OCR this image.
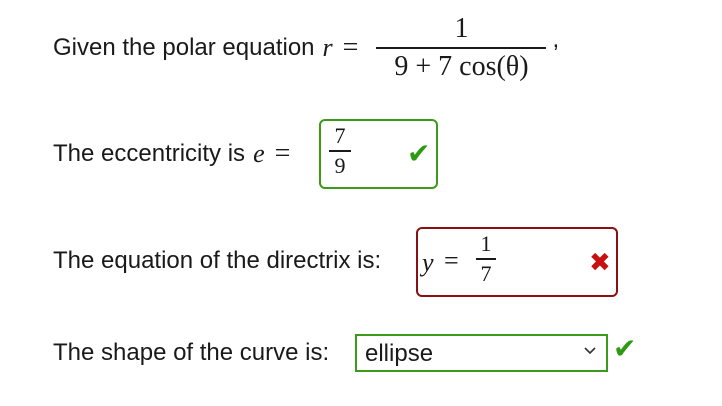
Given the polar equation $r = \frac{1}{9 + 7 \cos(\theta)}$ ,
The eccentricity is e =
7
9 ✔
The equation of the directrix is: y =
1
7	✖
The shape of the curve is:
ellipse	✔
